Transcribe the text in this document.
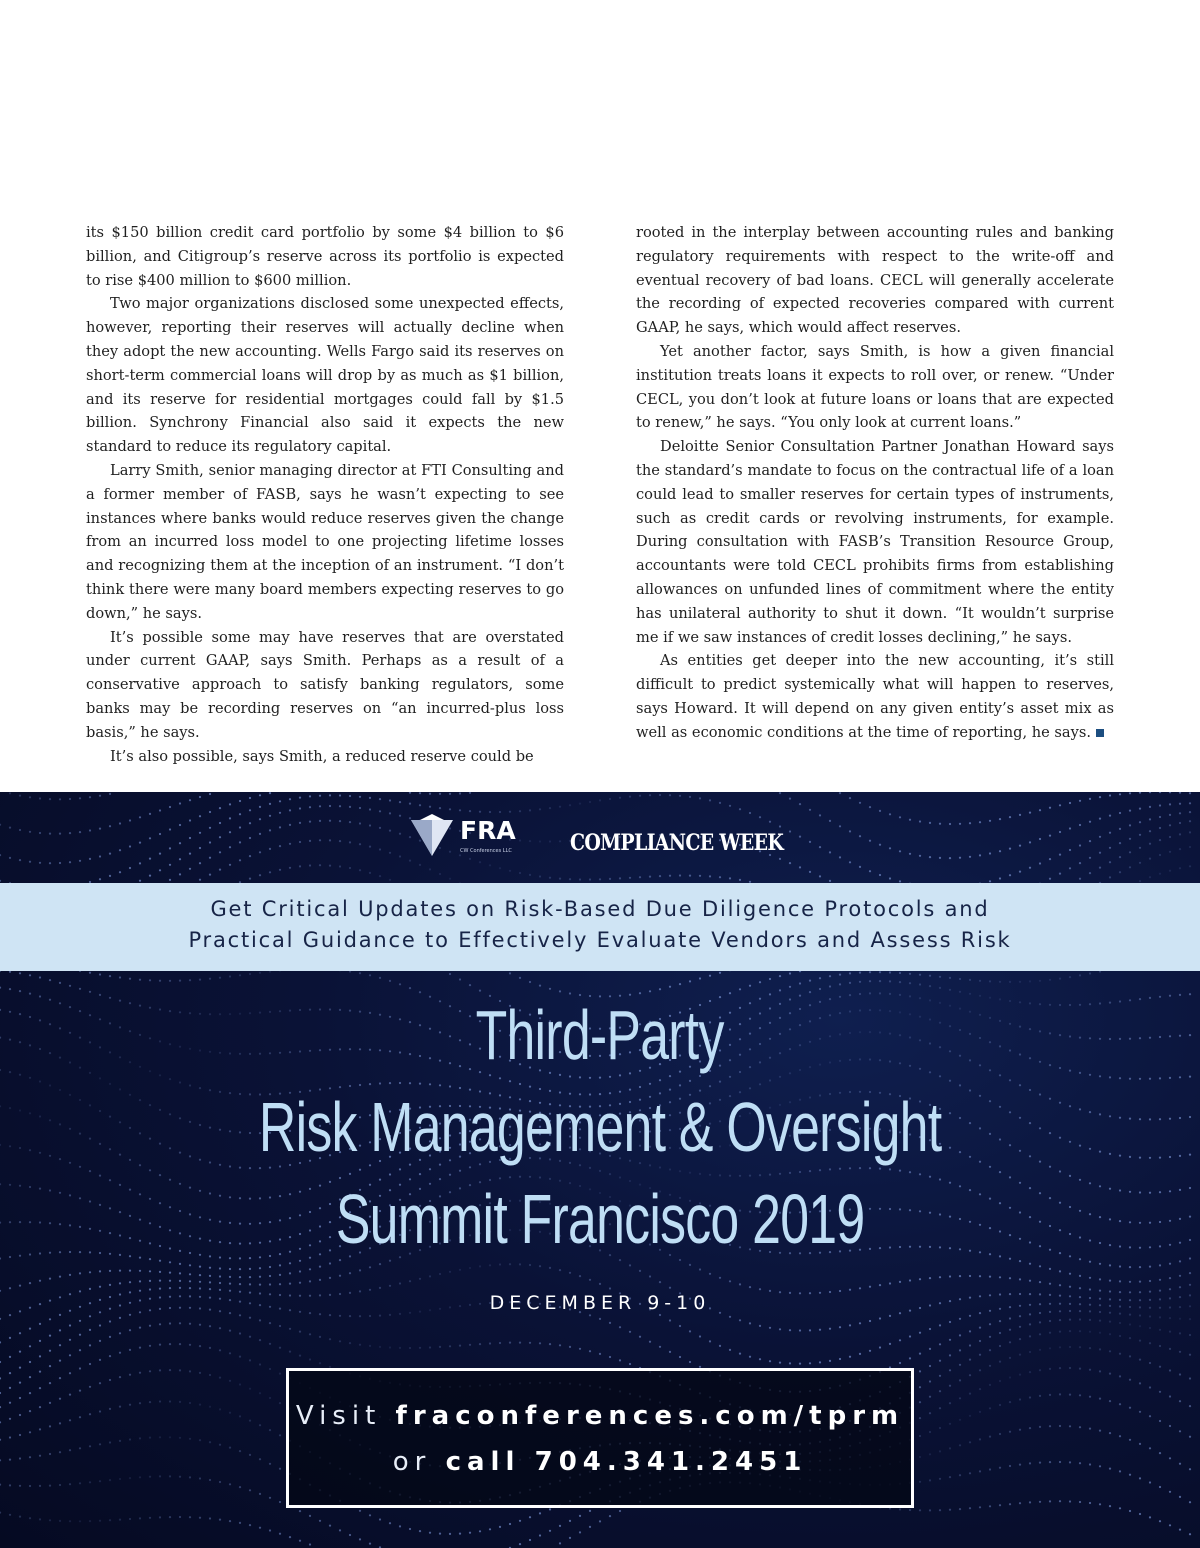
its $150 billion credit card portfolio by some $4 billion to $6 billion, and Citigroup’s reserve across its portfolio is expected to rise $400 million to $600 million.

Two major organizations disclosed some unexpected effects, however, reporting their reserves will actually decline when they adopt the new accounting. Wells Fargo said its reserves on short-term commercial loans will drop by as much as $1 billion, and its reserve for residential mortgages could fall by $1.5 billion. Synchrony Financial also said it expects the new standard to reduce its regulatory capital.

Larry Smith, senior managing director at FTI Consulting and a former member of FASB, says he wasn’t expecting to see instances where banks would reduce reserves given the change from an incurred loss model to one projecting lifetime losses and recognizing them at the inception of an instrument. “I don’t think there were many board members expecting reserves to go down,” he says.

It’s possible some may have reserves that are overstated under current GAAP, says Smith. Perhaps as a result of a conservative approach to satisfy banking regulators, some banks may be recording reserves on “an incurred-plus loss basis,” he says.

It’s also possible, says Smith, a reduced reserve could be

rooted in the interplay between accounting rules and banking regulatory requirements with respect to the write-off and eventual recovery of bad loans. CECL will generally accelerate the recording of expected recoveries compared with current GAAP, he says, which would affect reserves.

Yet another factor, says Smith, is how a given financial institution treats loans it expects to roll over, or renew. “Under CECL, you don’t look at future loans or loans that are expected to renew,” he says. “You only look at current loans.”

Deloitte Senior Consultation Partner Jonathan Howard says the standard’s mandate to focus on the contractual life of a loan could lead to smaller reserves for certain types of instruments, such as credit cards or revolving instruments, for example. During consultation with FASB’s Transition Resource Group, accountants were told CECL prohibits firms from establishing allowances on unfunded lines of commitment where the entity has unilateral authority to shut it down. “It wouldn’t surprise me if we saw instances of credit losses declining,” he says.

As entities get deeper into the new accounting, it’s still difficult to predict systemically what will happen to reserves, says Howard. It will depend on any given entity’s asset mix as well as economic conditions at the time of reporting, he says.

FRA
CW Conferences LLC	COMPLIANCE WEEK
Get Critical Updates on Risk-Based Due Diligence Protocols and
Practical Guidance to Effectively Evaluate Vendors and Assess Risk
Third-Party
Risk Management & Oversight
Summit Francisco 2019
DECEMBER 9-10
Visit fraconferences.com/tprm
or call 704.341.2451
